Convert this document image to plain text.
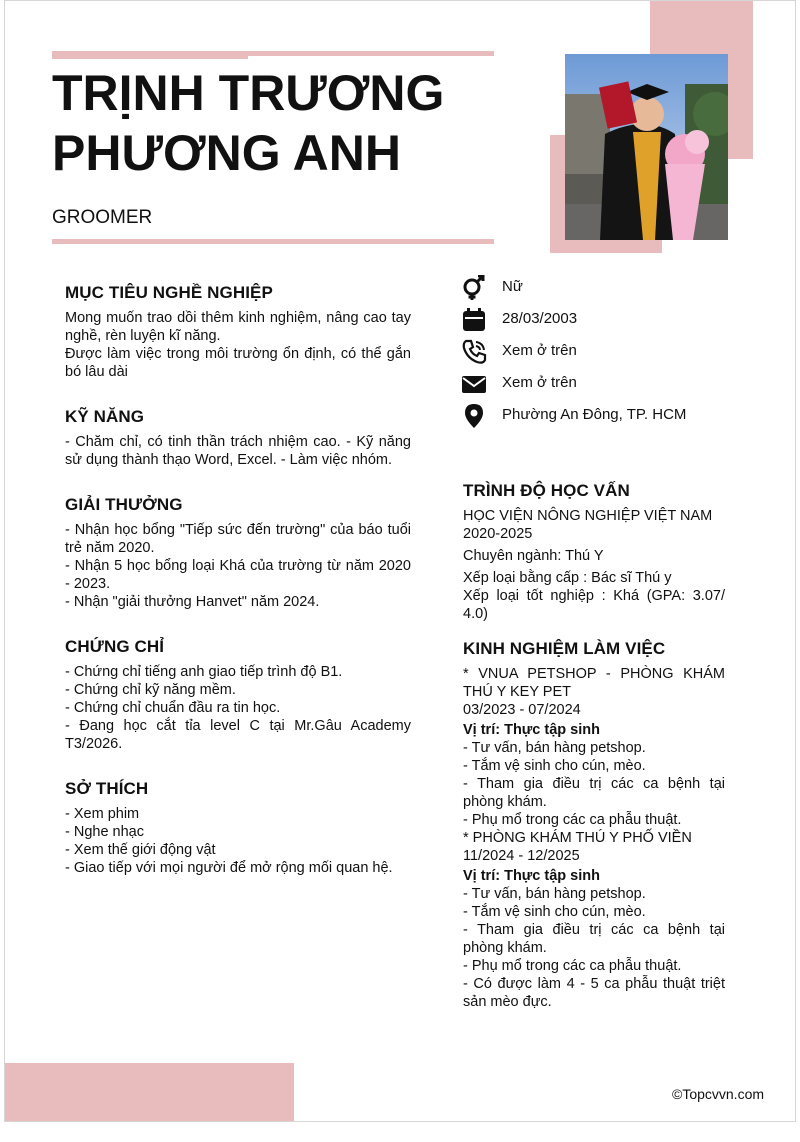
TRỊNH TRƯƠNG
PHƯƠNG ANH
GROOMER
Nữ
28/03/2003
Xem ở trên
Xem ở trên
Phường An Đông, TP. HCM
MỤC TIÊU NGHỀ NGHIỆP
Mong muốn trao dồi thêm kinh nghiệm, nâng cao tay nghề, rèn luyện kĩ năng.
Được làm việc trong môi trường ổn định, có thể gắn bó lâu dài
KỸ NĂNG
- Chăm chỉ, có tinh thần trách nhiệm cao. - Kỹ năng sử dụng thành thạo Word, Excel. - Làm việc nhóm.
GIẢI THƯỞNG
- Nhận học bổng "Tiếp sức đến trường" của báo tuổi trẻ năm 2020.
- Nhận 5 học bổng loại Khá của trường từ năm 2020 - 2023.
- Nhận "giải thưởng Hanvet" năm 2024.
CHỨNG CHỈ
- Chứng chỉ tiếng anh giao tiếp trình độ B1.
- Chứng chỉ kỹ năng mềm.
- Chứng chỉ chuẩn đầu ra tin học.
- Đang học cắt tỉa level C tại Mr.Gâu Academy T3/2026.
SỞ THÍCH
- Xem phim
- Nghe nhạc
- Xem thế giới động vật
- Giao tiếp với mọi người để mở rộng mối quan hệ.
TRÌNH ĐỘ HỌC VẤN
HỌC VIỆN NÔNG NGHIỆP VIỆT NAM
2020-2025
Chuyên ngành: Thú Y
Xếp loại bằng cấp : Bác sĩ Thú y
Xếp loại tốt nghiệp : Khá (GPA: 3.07/ 4.0)
KINH NGHIỆM LÀM VIỆC
* VNUA PETSHOP - PHÒNG KHÁM THÚ Y KEY PET
03/2023 - 07/2024
Vị trí: Thực tập sinh
- Tư vấn, bán hàng petshop.
- Tắm vệ sinh cho cún, mèo.
- Tham gia điều trị các ca bệnh tại phòng khám.
- Phụ mổ trong các ca phẫu thuật.
* PHÒNG KHÁM THÚ Y PHỐ VIỀN
11/2024 - 12/2025
Vị trí: Thực tập sinh
- Tư vấn, bán hàng petshop.
- Tắm vệ sinh cho cún, mèo.
- Tham gia điều trị các ca bệnh tại phòng khám.
- Phụ mổ trong các ca phẫu thuật.
- Có được làm 4 - 5 ca phẫu thuật triệt sản mèo đực.
©Topcvvn.com
